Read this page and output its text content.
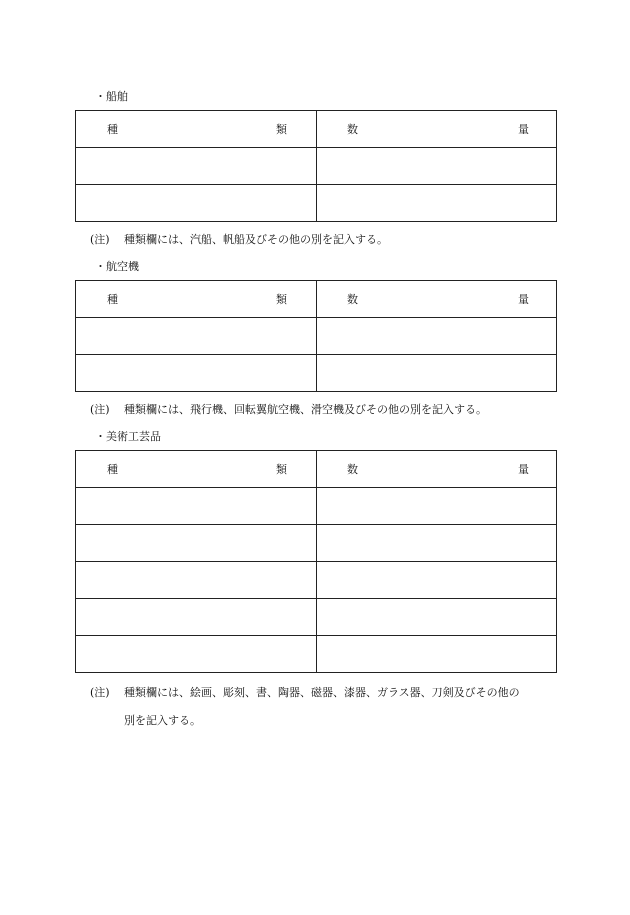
・船舶
種 類	数 量

(注) 種類欄には、汽船、帆船及びその他の別を記入する。
・航空機
種 類	数 量

(注) 種類欄には、飛行機、回転翼航空機、滑空機及びその他の別を記入する。
・美術工芸品
種 類	数 量

(注) 種類欄には、絵画、彫刻、書、陶器、磁器、漆器、ガラス器、刀剣及びその他の
別を記入する。
